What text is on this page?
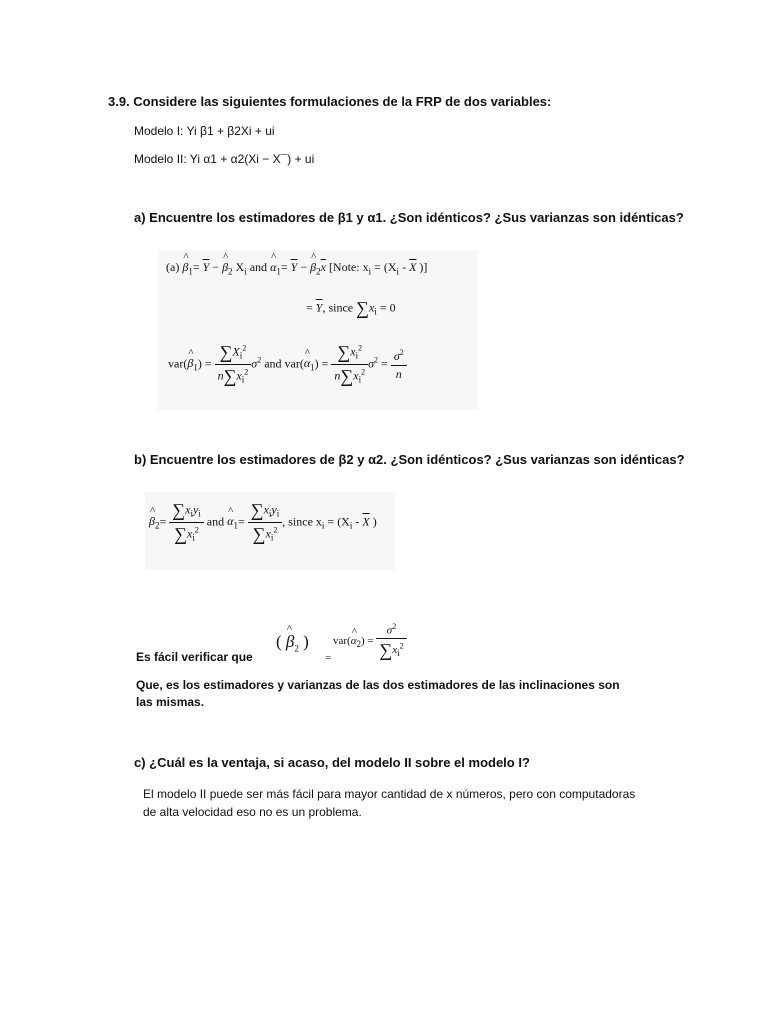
3.9. Considere las siguientes formulaciones de la FRP de dos variables:
Modelo I: Yi β1 + β2Xi + ui
Modelo II: Yi α1 + α2(Xi − X¯) + ui
a) Encuentre los estimadores de β1 y α1. ¿Son idénticos? ¿Sus varianzas son idénticas?
(a) ^ $\beta_1= \overline{Y}$ − ^ $\beta_2$ $X_i$ and ^ $\alpha_1= \overline{Y}$ − ^ $\beta_2\overline{x}$ [Note: $x_i = (X_i - \overline{X}$ )]
= $\overline{Y}$, since $\sum x_i = 0$
var(^ $\beta_1) = \frac{\sum X_i^2}{n\sum x_i^2} \sigma^2$ and var(^ $\alpha_1) = \frac{\sum x_i^2}{n\sum x_i^2} \sigma^2 = \frac{\sigma^2}{n}$
b) Encuentre los estimadores de β2 y α2. ¿Son idénticos? ¿Sus varianzas son idénticas?
^ $\beta_2= \frac{\sum x_iy_i}{\sum x_i^2}$ and ^ $\alpha_1= \frac{\sum x_iy_i}{\sum x_i^2}$ , since $x_i = (X_i - \overline{X}$ )
Es fácil verificar que
( ^ $\beta_2$ )
=
var(^ $\alpha_2) = \frac{\sigma^2}{\sum x_i^2}$
Que, es los estimadores y varianzas de las dos estimadores de las inclinaciones son
las mismas.
c) ¿Cuál es la ventaja, si acaso, del modelo II sobre el modelo I?
El modelo II puede ser más fácil para mayor cantidad de x números, pero con computadoras
de alta velocidad eso no es un problema.
